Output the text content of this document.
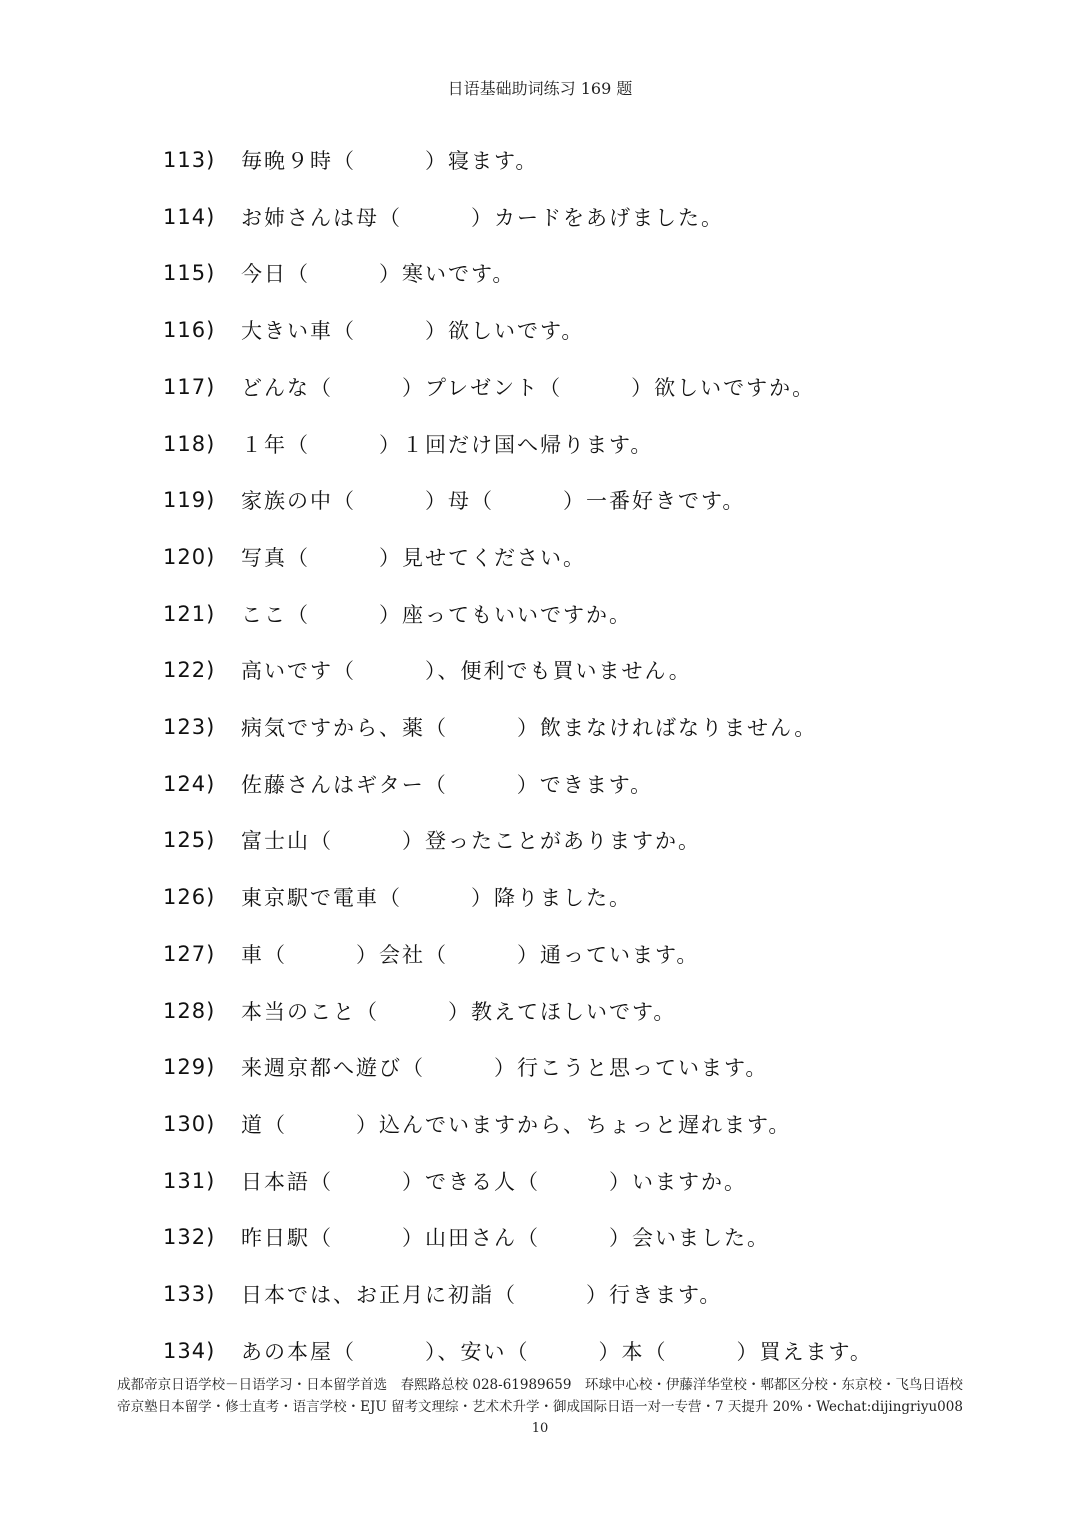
日语基础助词练习 169 题
113)	毎晩９時（　　　）寝ます。
114)	お姉さんは母（　　　）カードをあげました。
115)	今日（　　　）寒いです。
116)	大きい車（　　　）欲しいです。
117)	どんな（　　　）プレゼント（　　　）欲しいですか。
118)	１年（　　　）１回だけ国へ帰ります。
119)	家族の中（　　　）母（　　　）一番好きです。
120)	写真（　　　）見せてください。
121)	ここ（　　　）座ってもいいですか。
122)	高いです（　　　）、便利でも買いません。
123)	病気ですから、薬（　　　）飲まなければなりません。
124)	佐藤さんはギター（　　　）できます。
125)	富士山（　　　）登ったことがありますか。
126)	東京駅で電車（　　　）降りました。
127)	車（　　　）会社（　　　）通っています。
128)	本当のこと（　　　）教えてほしいです。
129)	来週京都へ遊び（　　　）行こうと思っています。
130)	道（　　　）込んでいますから、ちょっと遅れます。
131)	日本語（　　　）できる人（　　　）いますか。
132)	昨日駅（　　　）山田さん（　　　）会いました。
133)	日本では、お正月に初詣（　　　）行きます。
134)	あの本屋（　　　）、安い（　　　）本（　　　）買えます。
成都帝京日语学校－日语学习・日本留学首选　春熙路总校 028-61989659　环球中心校・伊藤洋华堂校・郫都区分校・东京校・飞鸟日语校
帝京塾日本留学・修士直考・语言学校・EJU 留考文理综・艺术术升学・御成国际日语一对一专营・7 天提升 20%・Wechat:dijingriyu008
10
